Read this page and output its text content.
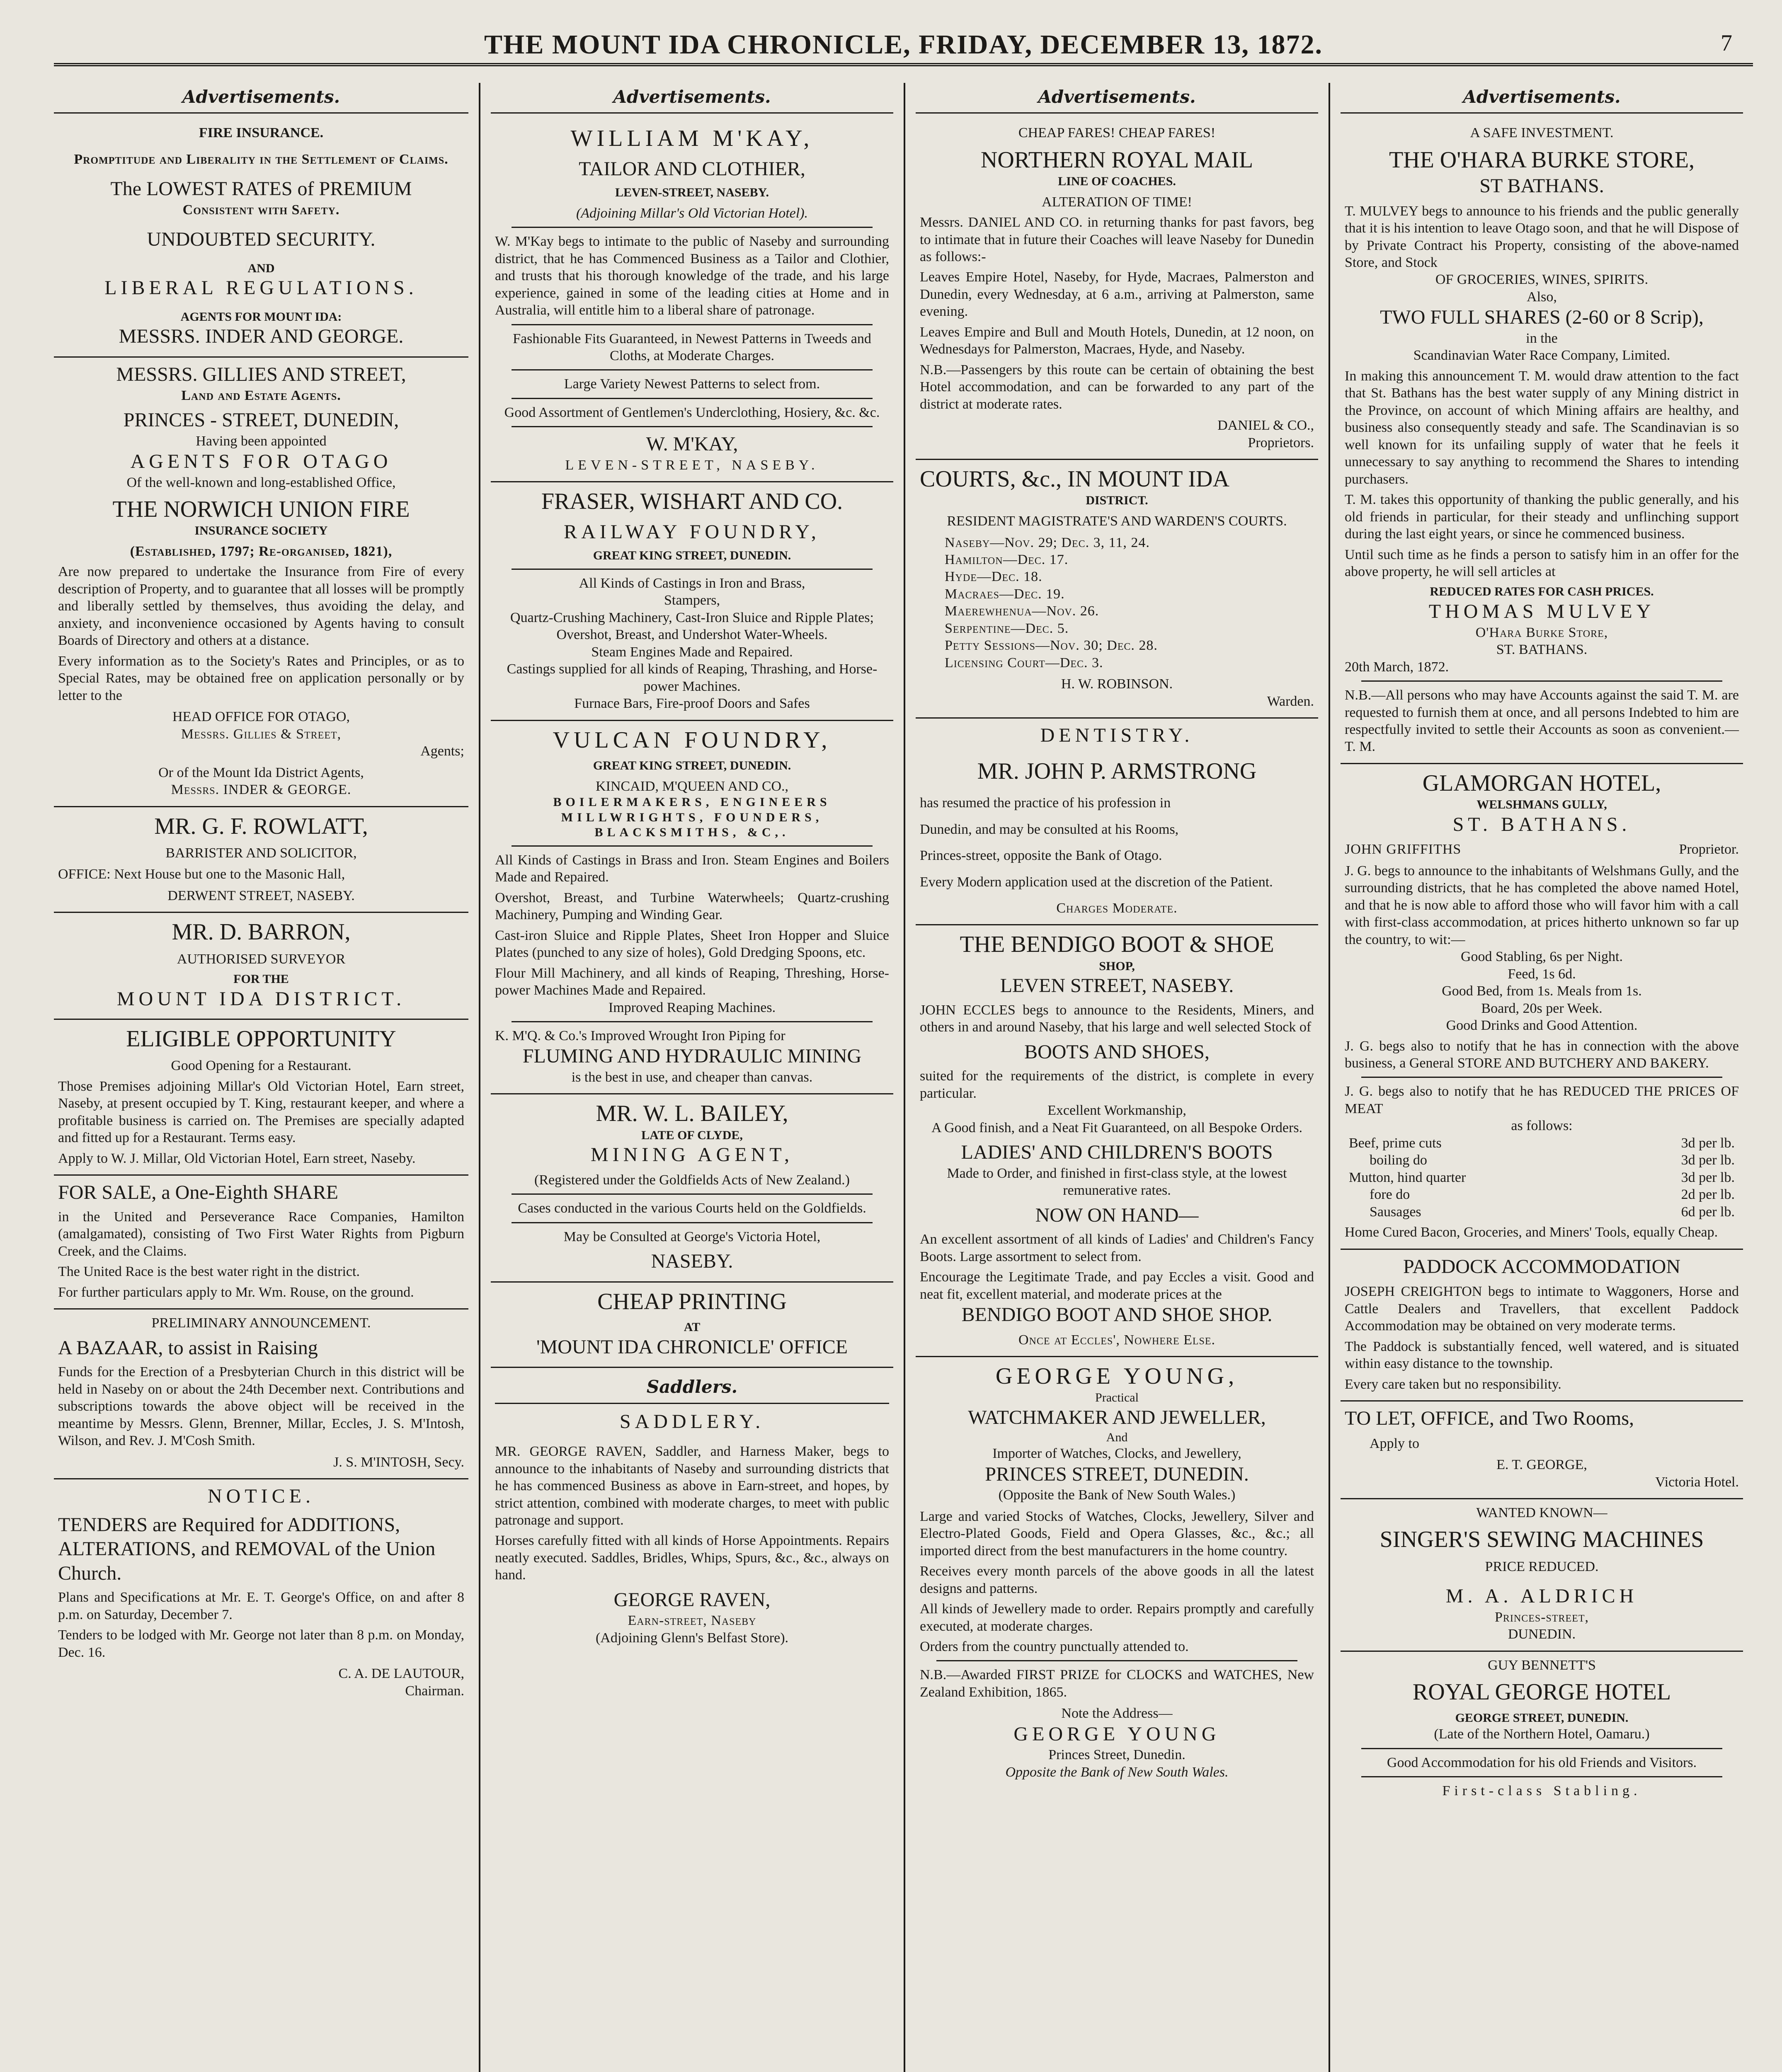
THE MOUNT IDA CHRONICLE, FRIDAY, DECEMBER 13, 1872.	7
Advertisements.
FIRE INSURANCE.
Promptitude and Liberality in the Settlement of Claims.
The LOWEST RATES of PREMIUM
Consistent with Safety.
UNDOUBTED SECURITY.
AND
LIBERAL REGULATIONS.
AGENTS FOR MOUNT IDA:
MESSRS. INDER AND GEORGE.
MESSRS. GILLIES AND STREET,
Land and Estate Agents.
PRINCES - STREET, DUNEDIN,
Having been appointed
AGENTS FOR OTAGO
Of the well-known and long-established Office,
THE NORWICH UNION FIRE
INSURANCE SOCIETY
(Established, 1797; Re-organised, 1821),
Are now prepared to undertake the Insurance from Fire of every description of Property, and to guarantee that all losses will be promptly and liberally settled by themselves, thus avoiding the delay, and anxiety, and inconvenience occasioned by Agents having to consult Boards of Directory and others at a distance.
Every information as to the Society's Rates and Principles, or as to Special Rates, may be obtained free on application personally or by letter to the
HEAD OFFICE FOR OTAGO,
Messrs. Gillies & Street,
Agents;
Or of the Mount Ida District Agents,
Messrs. INDER & GEORGE.
MR. G. F. ROWLATT,
BARRISTER AND SOLICITOR,
OFFICE: Next House but one to the Masonic Hall,
DERWENT STREET, NASEBY.
MR. D. BARRON,
AUTHORISED SURVEYOR
FOR THE
MOUNT IDA DISTRICT.
ELIGIBLE OPPORTUNITY
Good Opening for a Restaurant.
Those Premises adjoining Millar's Old Victorian Hotel, Earn street, Naseby, at present occupied by T. King, restaurant keeper, and where a profitable business is carried on. The Premises are specially adapted and fitted up for a Restaurant. Terms easy.
Apply to W. J. Millar, Old Victorian Hotel, Earn street, Naseby.
FOR SALE, a One-Eighth SHARE
in the United and Perseverance Race Companies, Hamilton (amalgamated), consisting of Two First Water Rights from Pigburn Creek, and the Claims.
The United Race is the best water right in the district.
For further particulars apply to Mr. Wm. Rouse, on the ground.
PRELIMINARY ANNOUNCEMENT.
A BAZAAR, to assist in Raising
Funds for the Erection of a Presbyterian Church in this district will be held in Naseby on or about the 24th December next. Contributions and subscriptions towards the above object will be received in the meantime by Messrs. Glenn, Brenner, Millar, Eccles, J. S. M'Intosh, Wilson, and Rev. J. M'Cosh Smith.
J. S. M'INTOSH, Secy.
NOTICE.
TENDERS are Required for ADDITIONS, ALTERATIONS, and REMOVAL of the Union Church.
Plans and Specifications at Mr. E. T. George's Office, on and after 8 p.m. on Saturday, December 7.
Tenders to be lodged with Mr. George not later than 8 p.m. on Monday, Dec. 16.
C. A. DE LAUTOUR,
Chairman.
Advertisements.
WILLIAM M'KAY,
TAILOR AND CLOTHIER,
LEVEN-STREET, NASEBY.
(Adjoining Millar's Old Victorian Hotel).
W. M'Kay begs to intimate to the public of Naseby and surrounding district, that he has Commenced Business as a Tailor and Clothier, and trusts that his thorough knowledge of the trade, and his large experience, gained in some of the leading cities at Home and in Australia, will entitle him to a liberal share of patronage.
Fashionable Fits Guaranteed, in Newest Patterns in Tweeds and Cloths, at Moderate Charges.
Large Variety Newest Patterns to select from.
Good Assortment of Gentlemen's Underclothing, Hosiery, &c. &c.
W. M'KAY,
LEVEN-STREET, NASEBY.
FRASER, WISHART AND CO.
RAILWAY FOUNDRY,
GREAT KING STREET, DUNEDIN.
All Kinds of Castings in Iron and Brass,
Stampers,
Quartz-Crushing Machinery, Cast-Iron Sluice and Ripple Plates; Overshot, Breast, and Undershot Water-Wheels.
Steam Engines Made and Repaired.
Castings supplied for all kinds of Reaping, Thrashing, and Horse-power Machines.
Furnace Bars, Fire-proof Doors and Safes
VULCAN FOUNDRY,
GREAT KING STREET, DUNEDIN.
KINCAID, M'QUEEN AND CO.,
BOILERMAKERS, ENGINEERS MILLWRIGHTS, FOUNDERS, BLACKSMITHS, &C,.
All Kinds of Castings in Brass and Iron. Steam Engines and Boilers Made and Repaired.
Overshot, Breast, and Turbine Waterwheels; Quartz-crushing Machinery, Pumping and Winding Gear.
Cast-iron Sluice and Ripple Plates, Sheet Iron Hopper and Sluice Plates (punched to any size of holes), Gold Dredging Spoons, etc.
Flour Mill Machinery, and all kinds of Reaping, Threshing, Horse-power Machines Made and Repaired.
Improved Reaping Machines.
K. M'Q. & Co.'s Improved Wrought Iron Piping for
FLUMING AND HYDRAULIC MINING
is the best in use, and cheaper than canvas.
MR. W. L. BAILEY,
LATE OF CLYDE,
MINING AGENT,
(Registered under the Goldfields Acts of New Zealand.)
Cases conducted in the various Courts held on the Goldfields.
May be Consulted at George's Victoria Hotel,
NASEBY.
CHEAP PRINTING
AT
'MOUNT IDA CHRONICLE' OFFICE
Saddlers.
SADDLERY.
MR. GEORGE RAVEN, Saddler, and Harness Maker, begs to announce to the inhabitants of Naseby and surrounding districts that he has commenced Business as above in Earn-street, and hopes, by strict attention, combined with moderate charges, to meet with public patronage and support.
Horses carefully fitted with all kinds of Horse Appointments. Repairs neatly executed. Saddles, Bridles, Whips, Spurs, &c., &c., always on hand.
GEORGE RAVEN,
Earn-street, Naseby
(Adjoining Glenn's Belfast Store).
Advertisements.
CHEAP FARES! CHEAP FARES!
NORTHERN ROYAL MAIL
LINE OF COACHES.
ALTERATION OF TIME!
Messrs. DANIEL AND CO. in returning thanks for past favors, beg to intimate that in future their Coaches will leave Naseby for Dunedin as follows:-
Leaves Empire Hotel, Naseby, for Hyde, Macraes, Palmerston and Dunedin, every Wednesday, at 6 a.m., arriving at Palmerston, same evening.
Leaves Empire and Bull and Mouth Hotels, Dunedin, at 12 noon, on Wednesdays for Palmerston, Macraes, Hyde, and Naseby.
N.B.—Passengers by this route can be certain of obtaining the best Hotel accommodation, and can be forwarded to any part of the district at moderate rates.
DANIEL & CO.,
Proprietors.
COURTS, &c., IN MOUNT IDA
DISTRICT.
RESIDENT MAGISTRATE'S AND WARDEN'S COURTS.
Naseby—Nov. 29; Dec. 3, 11, 24.
Hamilton—Dec. 17.
Hyde—Dec. 18.
Macraes—Dec. 19.
Maerewhenua—Nov. 26.
Serpentine—Dec. 5.
Petty Sessions—Nov. 30; Dec. 28.
Licensing Court—Dec. 3.
H. W. ROBINSON.
Warden.
DENTISTRY.
MR. JOHN P. ARMSTRONG
has resumed the practice of his profession in
Dunedin, and may be consulted at his Rooms,
Princes-street, opposite the Bank of Otago.
Every Modern application used at the discretion of the Patient.
Charges Moderate.
THE BENDIGO BOOT & SHOE
SHOP,
LEVEN STREET, NASEBY.
JOHN ECCLES begs to announce to the Residents, Miners, and others in and around Naseby, that his large and well selected Stock of
BOOTS AND SHOES,
suited for the requirements of the district, is complete in every particular.
Excellent Workmanship,
A Good finish, and a Neat Fit Guaranteed, on all Bespoke Orders.
LADIES' AND CHILDREN'S BOOTS
Made to Order, and finished in first-class style, at the lowest remunerative rates.
NOW ON HAND—
An excellent assortment of all kinds of Ladies' and Children's Fancy Boots. Large assortment to select from.
Encourage the Legitimate Trade, and pay Eccles a visit. Good and neat fit, excellent material, and moderate prices at the
BENDIGO BOOT AND SHOE SHOP.
Once at Eccles', Nowhere Else.
GEORGE YOUNG,
Practical
WATCHMAKER AND JEWELLER,
And
Importer of Watches, Clocks, and Jewellery,
PRINCES STREET, DUNEDIN.
(Opposite the Bank of New South Wales.)
Large and varied Stocks of Watches, Clocks, Jewellery, Silver and Electro-Plated Goods, Field and Opera Glasses, &c., &c.; all imported direct from the best manufacturers in the home country.
Receives every month parcels of the above goods in all the latest designs and patterns.
All kinds of Jewellery made to order. Repairs promptly and carefully executed, at moderate charges.
Orders from the country punctually attended to.
N.B.—Awarded FIRST PRIZE for CLOCKS and WATCHES, New Zealand Exhibition, 1865.
Note the Address—
GEORGE YOUNG
Princes Street, Dunedin.
Opposite the Bank of New South Wales.
Advertisements.
A SAFE INVESTMENT.
THE O'HARA BURKE STORE,
ST BATHANS.
T. MULVEY begs to announce to his friends and the public generally that it is his intention to leave Otago soon, and that he will Dispose of by Private Contract his Property, consisting of the above-named Store, and Stock
OF GROCERIES, WINES, SPIRITS.
Also,
TWO FULL SHARES (2-60 or 8 Scrip),
in the
Scandinavian Water Race Company, Limited.
In making this announcement T. M. would draw attention to the fact that St. Bathans has the best water supply of any Mining district in the Province, on account of which Mining affairs are healthy, and business also consequently steady and safe. The Scandinavian is so well known for its unfailing supply of water that he feels it unnecessary to say anything to recommend the Shares to intending purchasers.
T. M. takes this opportunity of thanking the public generally, and his old friends in particular, for their steady and unflinching support during the last eight years, or since he commenced business.
Until such time as he finds a person to satisfy him in an offer for the above property, he will sell articles at
REDUCED RATES FOR CASH PRICES.
THOMAS MULVEY
O'Hara Burke Store,
ST. BATHANS.
20th March, 1872.
N.B.—All persons who may have Accounts against the said T. M. are requested to furnish them at once, and all persons Indebted to him are respectfully invited to settle their Accounts as soon as convenient.—T. M.
GLAMORGAN HOTEL,
WELSHMANS GULLY,
ST. BATHANS.
JOHN GRIFFITHS	Proprietor.
J. G. begs to announce to the inhabitants of Welshmans Gully, and the surrounding districts, that he has completed the above named Hotel, and that he is now able to afford those who will favor him with a call with first-class accommodation, at prices hitherto unknown so far up the country, to wit:—
Good Stabling, 6s per Night.
Feed, 1s 6d.
Good Bed, from 1s. Meals from 1s.
Board, 20s per Week.
Good Drinks and Good Attention.
J. G. begs also to notify that he has in connection with the above business, a General STORE AND BUTCHERY AND BAKERY.
J. G. begs also to notify that he has REDUCED THE PRICES OF MEAT
as follows:
Beef, prime cuts	3d per lb.
boiling do	3d per lb.
Mutton, hind quarter	3d per lb.
fore do	2d per lb.
Sausages	6d per lb.
Home Cured Bacon, Groceries, and Miners' Tools, equally Cheap.
PADDOCK ACCOMMODATION
JOSEPH CREIGHTON begs to intimate to Waggoners, Horse and Cattle Dealers and Travellers, that excellent Paddock Accommodation may be obtained on very moderate terms.
The Paddock is substantially fenced, well watered, and is situated within easy distance to the township.
Every care taken but no responsibility.
TO LET, OFFICE, and Two Rooms,
Apply to
E. T. GEORGE,
Victoria Hotel.
WANTED KNOWN—
SINGER'S SEWING MACHINES
PRICE REDUCED.
M. A. ALDRICH
Princes-street,
DUNEDIN.
GUY BENNETT'S
ROYAL GEORGE HOTEL
GEORGE STREET, DUNEDIN.
(Late of the Northern Hotel, Oamaru.)
Good Accommodation for his old Friends and Visitors.
First-class Stabling.
